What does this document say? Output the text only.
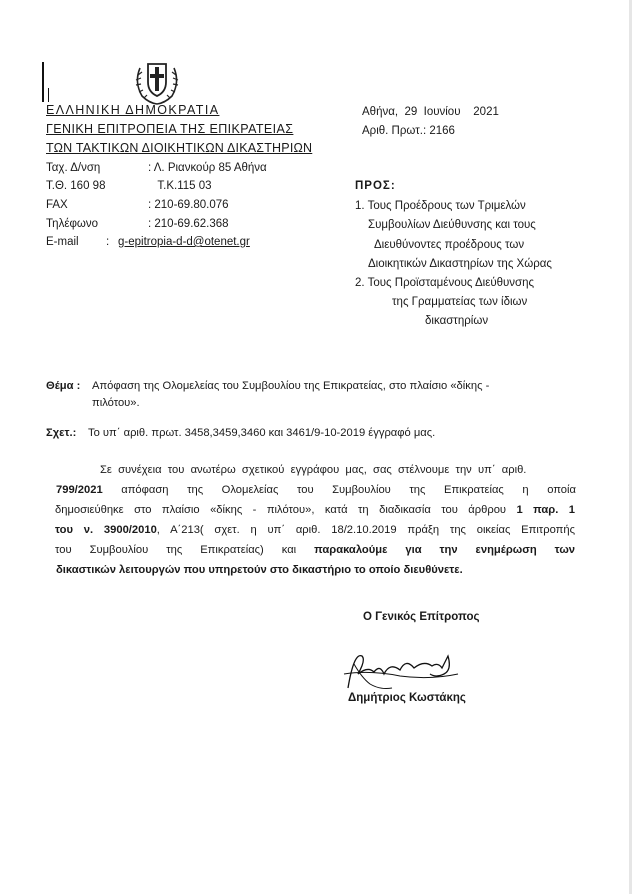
ΕΛΛΗΝΙΚΗ ΔΗΜΟΚΡΑΤΙΑ
ΓΕΝΙΚΗ ΕΠΙΤΡΟΠΕΙΑ ΤΗΣ ΕΠΙΚΡΑΤΕΙΑΣ
ΤΩΝ ΤΑΚΤΙΚΩΝ ΔΙΟΙΚΗΤΙΚΩΝ ΔΙΚΑΣΤΗΡΙΩΝ
Ταχ. Δ/νση	: Λ. Ριανκούρ 85 Αθήνα
Τ.Θ. 160 98	Τ.Κ.115 03
FAX	: 210-69.80.076
Τηλέφωνο	: 210-69.62.368
E-mail : g-epitropia-d-d@otenet.gr
Αθήνα,  29  Ιουνίου    2021
Αριθ. Πρωτ.: 2166
ΠΡΟΣ:
1. Τους Προέδρους των Τριμελών
Συμβουλίων Διεύθυνσης και τους
Διευθύνοντες προέδρους των
Διοικητικών Δικαστηρίων της Χώρας
2. Τους Προϊσταμένους Διεύθυνσης
της Γραμματείας των ίδιων
δικαστηρίων
Θέμα : Απόφαση της Ολομελείας του Συμβουλίου της Επικρατείας, στο πλαίσιο «δίκης -
πιλότου».
Σχετ.: Το υπ΄ αριθ. πρωτ. 3458,3459,3460 και 3461/9-10-2019 έγγραφό μας.
Σε  συνέχεια  του  ανωτέρω  σχετικού  εγγράφου  μας,  σας  στέλνουμε  την  υπ΄  αριθ.
799/2021 απόφαση της Ολομελείας του Συμβουλίου της Επικρατείας η οποία
δημοσιεύθηκε στο πλαίσιο «δίκης - πιλότου», κατά τη διαδικασία του άρθρου 1 παρ. 1
του ν. 3900/2010, Α΄213( σχετ. η υπ΄ αριθ. 18/2.10.2019 πράξη της οικείας Επιτροπής
του Συμβουλίου της Επικρατείας) και παρακαλούμε για την ενημέρωση των
δικαστικών λειτουργών που υπηρετούν στο δικαστήριο το οποίο διευθύνετε.
Ο Γενικός Επίτροπος
Δημήτριος Κωστάκης
